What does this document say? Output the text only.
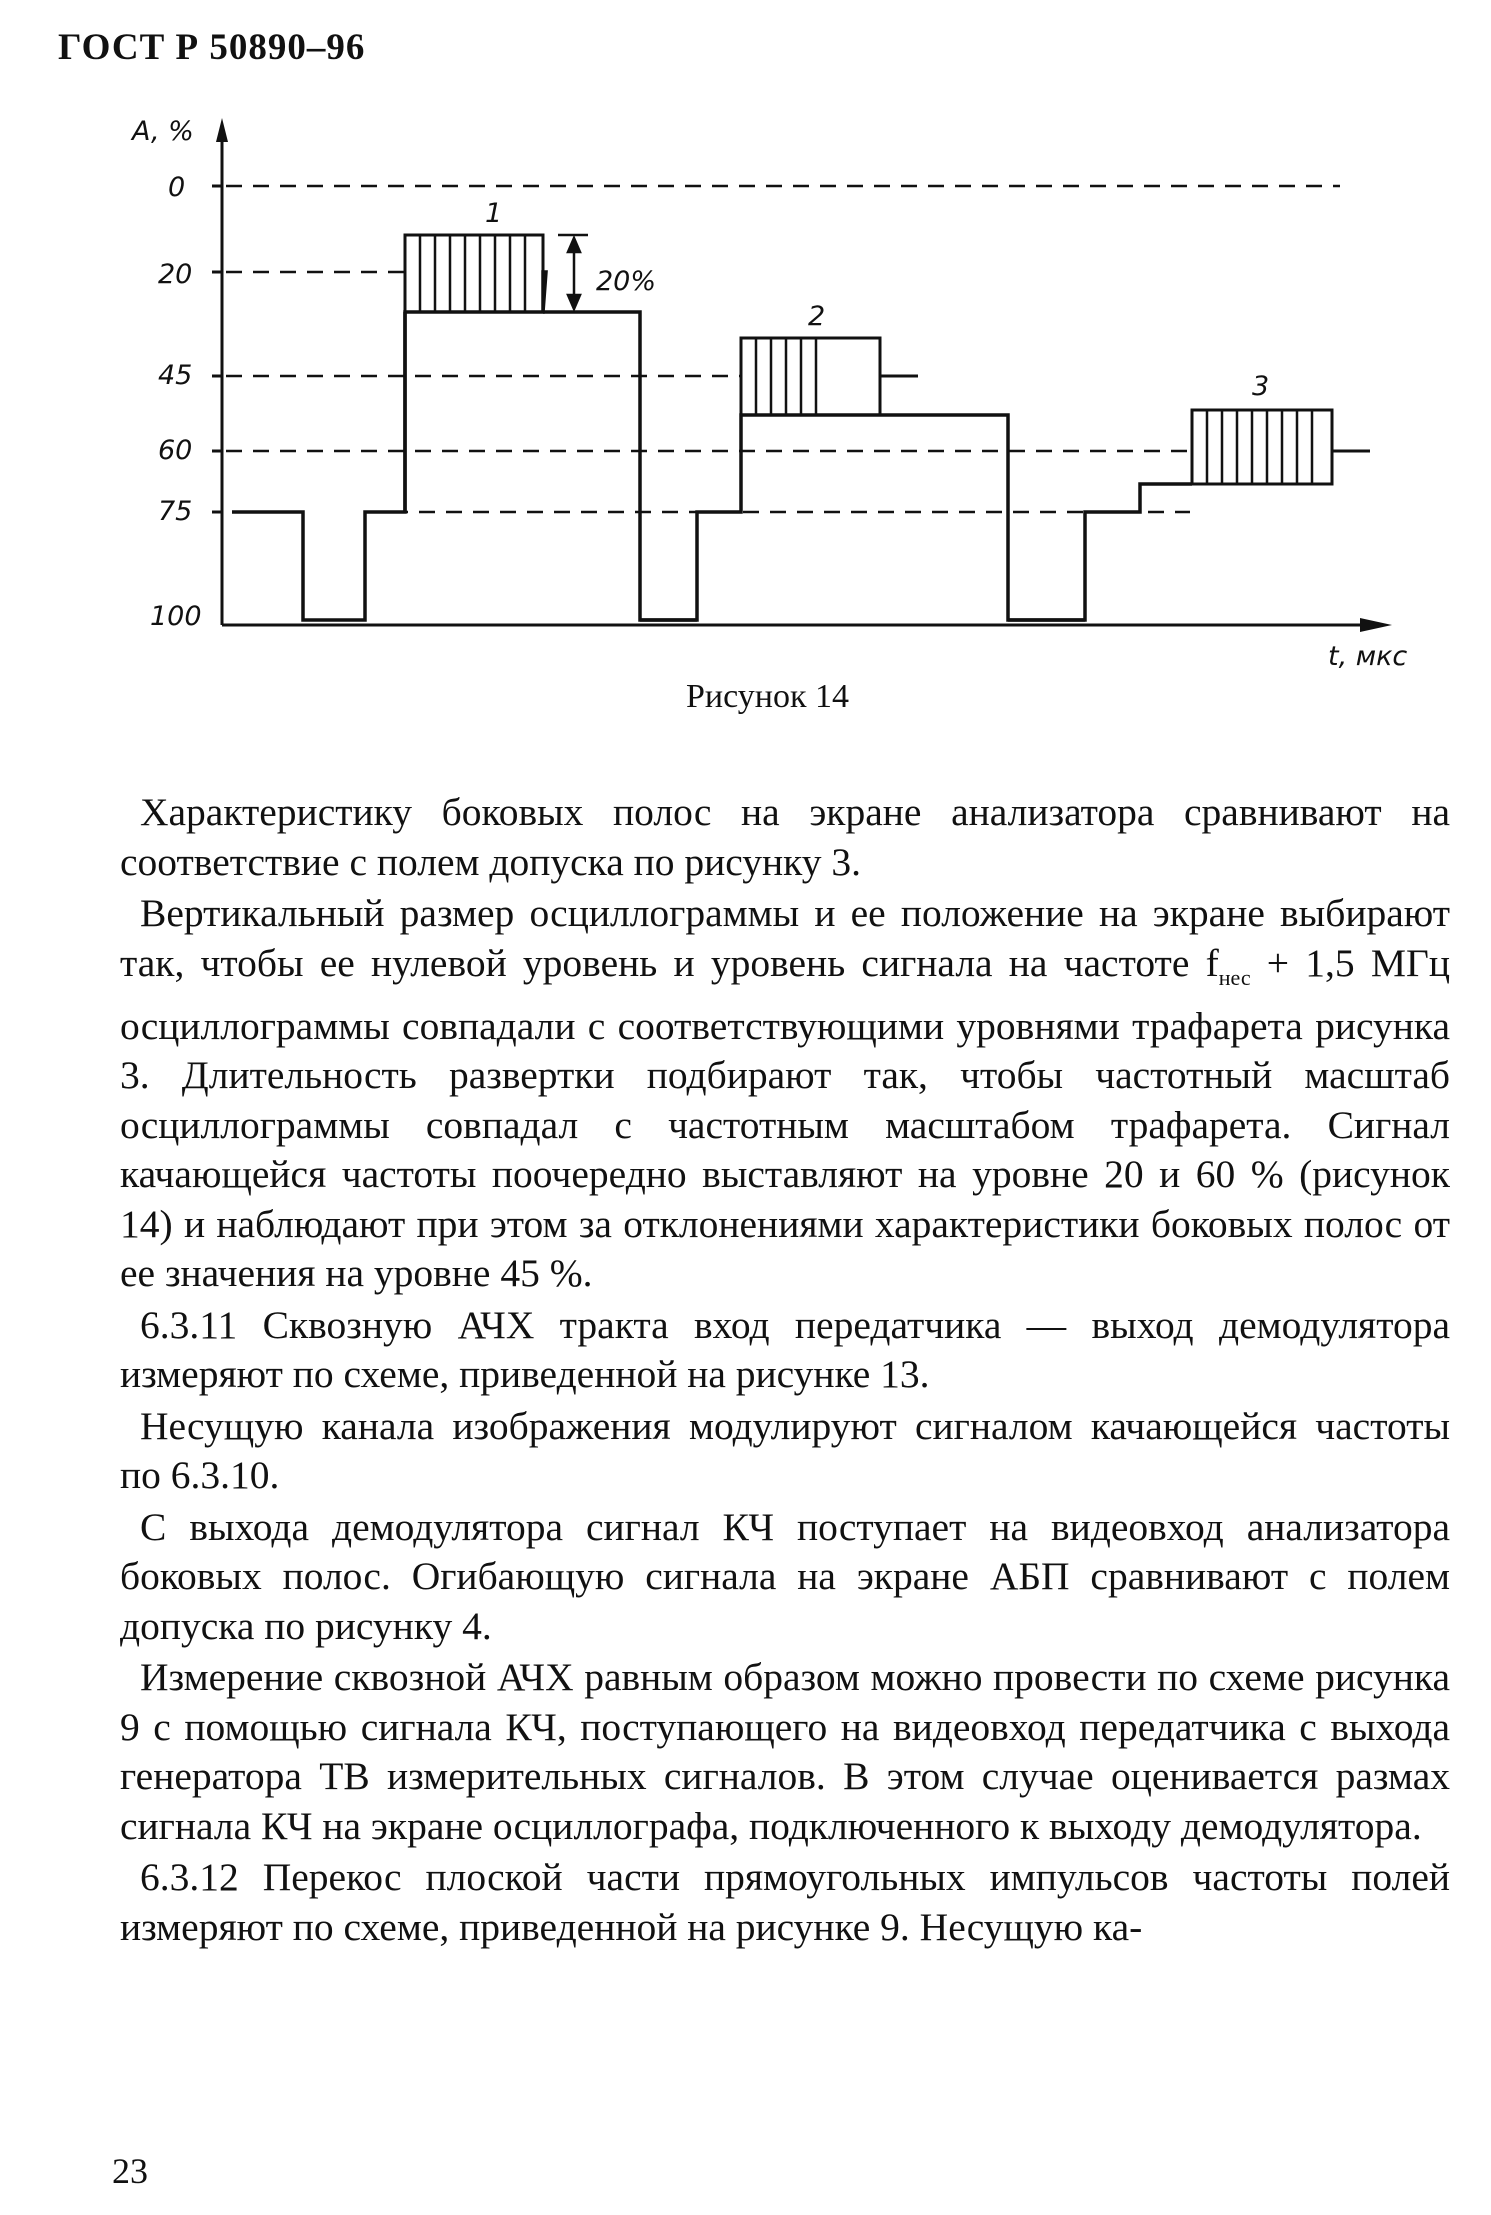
ГОСТ Р 50890–96
A, %
t, мкс
0
20
45
60
75
100
1
20%
2
3
Рисунок 14

Характеристику боковых полос на экране анализатора сравнивают на соответствие с полем допуска по рисунку 3.

Вертикальный размер осциллограммы и ее положение на экране выбирают так, чтобы ее нулевой уровень и уровень сигнала на частоте $f_{нес} + 1,5$ МГц осциллограммы совпадали с соответствующими уровнями трафарета рисунка 3. Длительность развертки подбирают так, чтобы частотный масштаб осциллограммы совпадал с частотным масштабом трафарета. Сигнал качающейся частоты поочередно выставляют на уровне 20 и 60 % (рисунок 14) и наблюдают при этом за отклонениями характеристики боковых полос от ее значения на уровне 45 %.

6.3.11 Сквозную АЧХ тракта вход передатчика — выход демодулятора измеряют по схеме, приведенной на рисунке 13.

Несущую канала изображения модулируют сигналом качающейся частоты по 6.3.10.

С выхода демодулятора сигнал КЧ поступает на видеовход анализатора боковых полос. Огибающую сигнала на экране АБП сравнивают с полем допуска по рисунку 4.

Измерение сквозной АЧХ равным образом можно провести по схеме рисунка 9 с помощью сигнала КЧ, поступающего на видеовход передатчика с выхода генератора ТВ измерительных сигналов. В этом случае оценивается размах сигнала КЧ на экране осциллографа, подключенного к выходу демодулятора.

6.3.12 Перекос плоской части прямоугольных импульсов частоты полей измеряют по схеме, приведенной на рисунке 9. Несущую ка-

23
